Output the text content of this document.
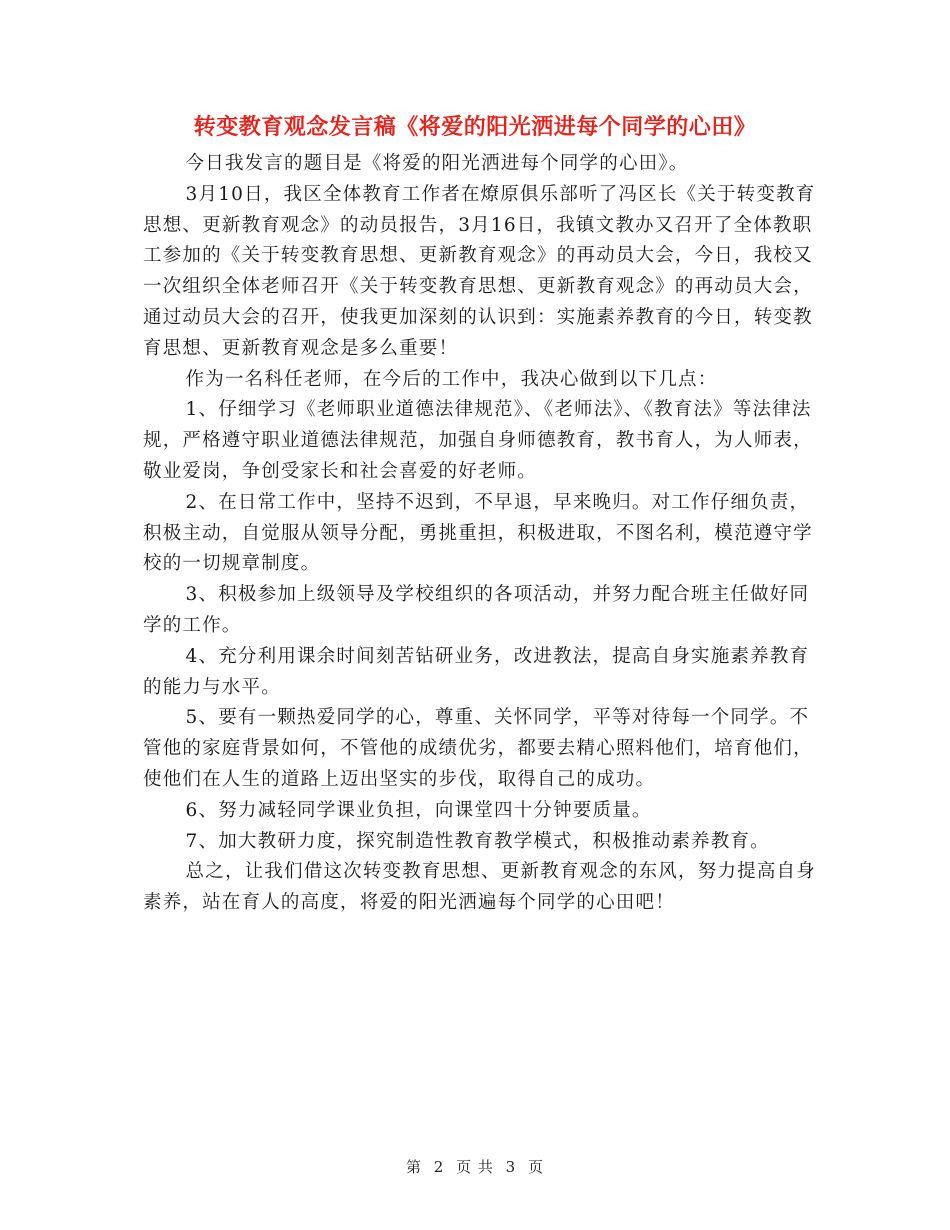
转变教育观念发言稿《将爱的阳光洒进每个同学的心田》

今日我发言的题目是《将爱的阳光洒进每个同学的心田》。

3月10日，我区全体教育工作者在燎原俱乐部听了冯区长《关于转变教育思想、更新教育观念》的动员报告，3月16日，我镇文教办又召开了全体教职工参加的《关于转变教育思想、更新教育观念》的再动员大会，今日，我校又一次组织全体老师召开《关于转变教育思想、更新教育观念》的再动员大会，通过动员大会的召开，使我更加深刻的认识到：实施素养教育的今日，转变教育思想、更新教育观念是多么重要！

作为一名科任老师，在今后的工作中，我决心做到以下几点：

1、仔细学习《老师职业道德法律规范》、《老师法》、《教育法》等法律法规，严格遵守职业道德法律规范，加强自身师德教育，教书育人，为人师表，敬业爱岗，争创受家长和社会喜爱的好老师。

2、在日常工作中，坚持不迟到，不早退，早来晚归。对工作仔细负责，积极主动，自觉服从领导分配，勇挑重担，积极进取，不图名利，模范遵守学校的一切规章制度。

3、积极参加上级领导及学校组织的各项活动，并努力配合班主任做好同学的工作。

4、充分利用课余时间刻苦钻研业务，改进教法，提高自身实施素养教育的能力与水平。

5、要有一颗热爱同学的心，尊重、关怀同学，平等对待每一个同学。不管他的家庭背景如何，不管他的成绩优劣，都要去精心照料他们，培育他们，使他们在人生的道路上迈出坚实的步伐，取得自己的成功。

6、努力减轻同学课业负担，向课堂四十分钟要质量。

7、加大教研力度，探究制造性教育教学模式，积极推动素养教育。

总之，让我们借这次转变教育思想、更新教育观念的东风，努力提高自身素养，站在育人的高度，将爱的阳光洒遍每个同学的心田吧！

第 2 页 共 3 页
